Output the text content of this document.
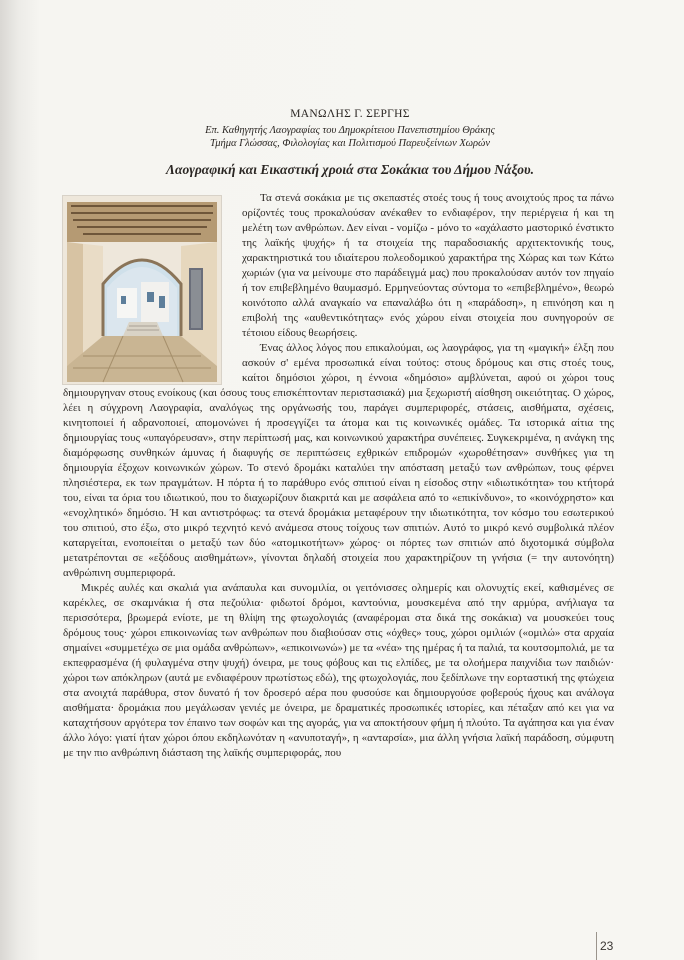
ΜΑΝΩΛΗΣ Γ. ΣΕΡΓΗΣ
Επ. Καθηγητής Λαογραφίας του Δημοκρίτειου Πανεπιστημίου Θράκης
Τμήμα Γλώσσας, Φιλολογίας και Πολιτισμού Παρευξείνιων Χωρών
Λαογραφική και Εικαστική χροιά στα Σοκάκια του Δήμου Νάξου.

Τα στενά σοκάκια με τις σκεπαστές στοές τους ή τους ανοιχτούς προς τα πάνω ορίζοντές τους προκαλούσαν ανέκαθεν το ενδιαφέρον, την περιέργεια ή και τη μελέτη των ανθρώπων. Δεν είναι - νομίζω - μόνο το «αχάλαστο μαστορικό ένστικτο της λαϊκής ψυχής» ή τα στοιχεία της παραδοσιακής αρχιτεκτονικής τους, χαρακτηριστικά του ιδιαίτερου πολεοδομικού χαρακτήρα της Χώρας και των Κάτω χωριών (για να μείνουμε στο παράδειγμά μας) που προκαλούσαν αυτόν τον πηγαίο ή τον επιβεβλημένο θαυμασμό. Ερμηνεύοντας σύντομα το «επιβεβλημένο», θεωρώ κοινότοπο αλλά αναγκαίο να επαναλάβω ότι η «παράδοση», η επινόηση και η επιβολή της «αυθεντικότητας» ενός χώρου είναι στοιχεία που συνηγορούν σε τέτοιου είδους θεωρήσεις.

Ένας άλλος λόγος που επικαλούμαι, ως λαογράφος, για τη «μαγική» έλξη που ασκούν σ' εμένα προσωπικά είναι τούτος: στους δρόμους και στις στοές τους, καίτοι δημόσιοι χώροι, η έννοια «δημόσιο» αμβλύνεται, αφού οι χώροι τους δημιουργηναν στους ενοίκους (και όσους τους επισκέπτονταν περιστασιακά) μια ξεχωριστή αίσθηση οικειότητας. Ο χώρος, λέει η σύγχρονη Λαογραφία, αναλόγως της οργάνωσής του, παράγει συμπεριφορές, στάσεις, αισθήματα, σχέσεις, κινητοποιεί ή αδρανοποιεί, απομονώνει ή προσεγγίζει τα άτομα και τις κοινωνικές ομάδες. Τα ιστορικά αίτια της δημιουργίας τους «υπαγόρευσαν», στην περίπτωσή μας, και κοινωνικού χαρακτήρα συνέπειες. Συγκεκριμένα, η ανάγκη της διαμόρφωσης συνθηκών άμυνας ή διαφυγής σε περιπτώσεις εχθρικών επιδρομών «χωροθέτησαν» συνθήκες για τη δημιουργία έξοχων κοινωνικών χώρων. Το στενό δρομάκι καταλύει την απόσταση μεταξύ των ανθρώπων, τους φέρνει πλησιέστερα, εκ των πραγμάτων. Η πόρτα ή το παράθυρο ενός σπιτιού είναι η είσοδος στην «ιδιωτικότητα» του κτήτορά του, είναι τα όρια του ιδιωτικού, που το διαχωρίζουν διακριτά και με ασφάλεια από το «επικίνδυνο», το «κοινόχρηστο» και «ενοχλητικό» δημόσιο. Ή και αντιστρόφως: τα στενά δρομάκια μεταφέρουν την ιδιωτικότητα, τον κόσμο του εσωτερικού του σπιτιού, στο έξω, στο μικρό τεχνητό κενό ανάμεσα στους τοίχους των σπιτιών. Αυτό το μικρό κενό συμβολικά πλέον καταργείται, ενοποιείται ο μεταξύ των δύο «ατομικοτήτων» χώρος· οι πόρτες των σπιτιών από διχοτομικά σύμβολα μετατρέπονται σε «εξόδους αισθημάτων», γίνονται δηλαδή στοιχεία που χαρακτηρίζουν τη γνήσια (= την αυτονόητη) ανθρώπινη συμπεριφορά.

Μικρές αυλές και σκαλιά για ανάπαυλα και συνομιλία, οι γειτόνισσες ολημερίς και ολονυχτίς εκεί, καθισμένες σε καρέκλες, σε σκαμνάκια ή στα πεζούλια· φιδωτοί δρόμοι, καντούνια, μουσκεμένα από την αρμύρα, ανήλιαγα τα περισσότερα, βρωμερά ενίοτε, με τη θλίψη της φτωχολογιάς (αναφέρομαι στα δικά της σοκάκια) να μουσκεύει τους δρόμους τους· χώροι επικοινωνίας των ανθρώπων που διαβιούσαν στις «όχθες» τους, χώροι ομιλιών («ομιλώ» στα αρχαία σημαίνει «συμμετέχω σε μια ομάδα ανθρώπων», «επικοινωνώ») με τα «νέα» της ημέρας ή τα παλιά, τα κουτσομπολιά, με τα εκπεφρασμένα (ή φυλαγμένα στην ψυχή) όνειρα, με τους φόβους και τις ελπίδες, με τα ολοήμερα παιχνίδια των παιδιών· χώροι των απόκληρων (αυτά με ενδιαφέρουν πρωτίστως εδώ), της φτωχολογιάς, που ξεδίπλωνε την εορταστική της φτώχεια στα ανοιχτά παράθυρα, στον δυνατό ή τον δροσερό αέρα που φυσούσε και δημιουργούσε φοβερούς ήχους και ανάλογα αισθήματα· δρομάκια που μεγάλωσαν γενιές με όνειρα, με δραματικές προσωπικές ιστορίες, και πέταξαν από κει για να καταχτήσουν αργότερα τον έπαινο των σοφών και της αγοράς, για να αποκτήσουν φήμη ή πλούτο. Τα αγάπησα και για έναν άλλο λόγο: γιατί ήταν χώροι όπου εκδηλωνόταν η «ανυποταγή», η «ανταρσία», μια άλλη γνήσια λαϊκή παράδοση, σύμφυτη με την πιο ανθρώπινη διάσταση της λαϊκής συμπεριφοράς, που

23
